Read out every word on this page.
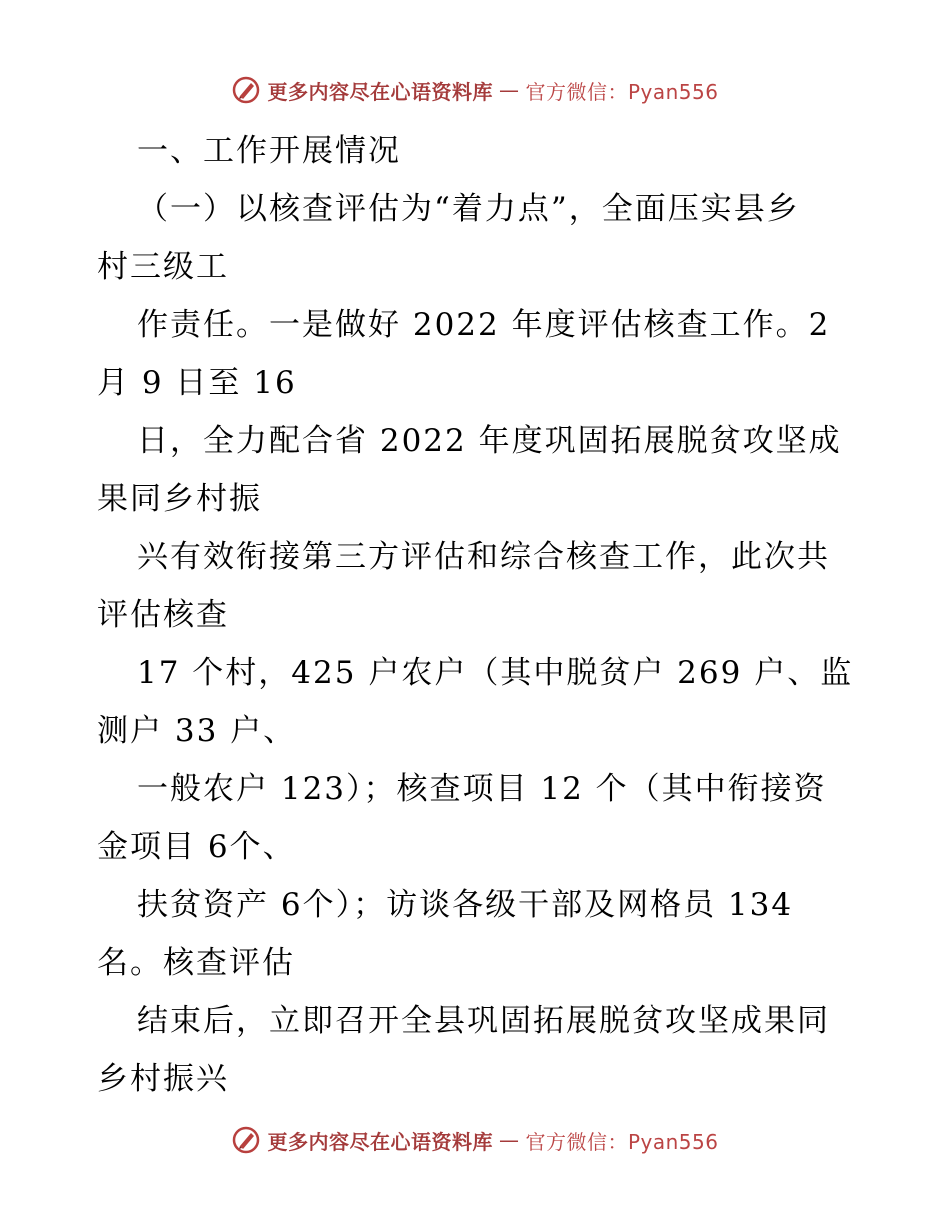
更多内容尽在心语资料库 — 官方微信：Pyan556
一、工作开展情况
（一）以核查评估为“着力点”，全面压实县乡
村三级工
作责任。一是做好 2022 年度评估核查工作。2
月 9 日至 16
日，全力配合省 2022 年度巩固拓展脱贫攻坚成
果同乡村振
兴有效衔接第三方评估和综合核查工作，此次共
评估核查
17 个村，425 户农户（其中脱贫户 269 户、监
测户 33 户、
一般农户 123）；核查项目 12 个（其中衔接资
金项目 6个、
扶贫资产 6个）；访谈各级干部及网格员 134
名。核查评估
结束后，立即召开全县巩固拓展脱贫攻坚成果同
乡村振兴
更多内容尽在心语资料库 — 官方微信：Pyan556
